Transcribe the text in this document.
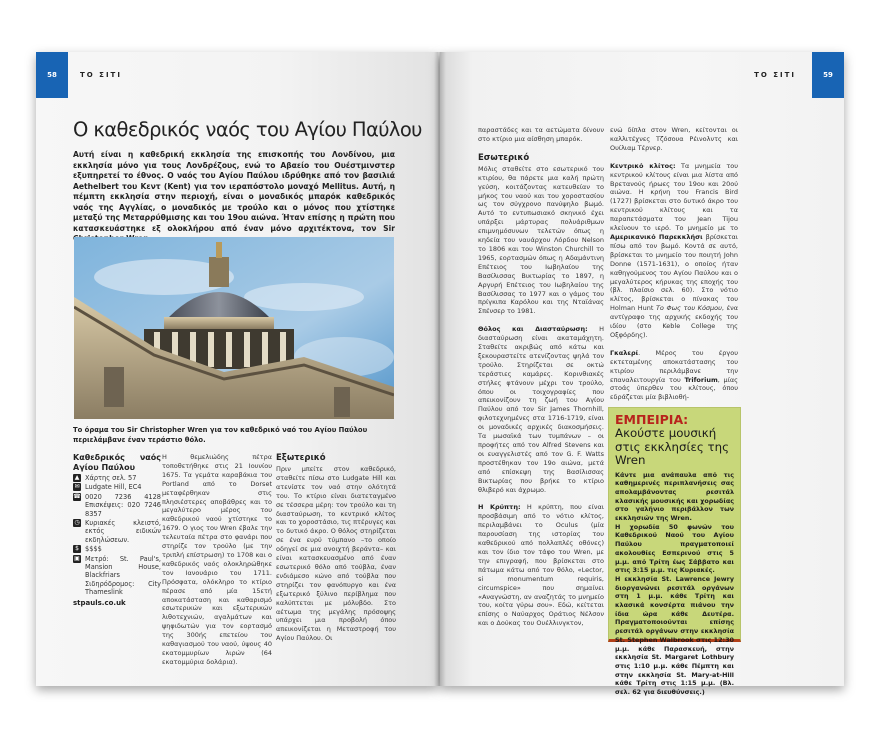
58	ΤΟ ΣΙΤΙ
Ο καθεδρικός ναός του Αγίου Παύλου
Αυτή είναι η καθεδρική εκκλησία της επισκοπής του Λονδίνου, μια εκκλησία μόνο για τους Λονδρέζους, ενώ το Αβαείο του Ουέστμινστερ εξυπηρετεί το έθνος. Ο ναός του Αγίου Παύλου ιδρύθηκε από τον βασιλιά Aethelbert του Κεντ (Kent) για τον ιεραπόστολο μοναχό Mellitus. Αυτή, η πέμπτη εκκλησία στην περιοχή, είναι ο μοναδικός μπαρόκ καθεδρικός ναός της Αγγλίας, ο μοναδικός με τρούλο και ο μόνος που χτίστηκε μεταξύ της Μεταρρύθμισης και του 19ου αιώνα. Ήταν επίσης η πρώτη που κατασκευάστηκε εξ ολοκλήρου από έναν μόνο αρχιτέκτονα, τον Sir
Το όραμα του Sir Christopher Wren για τον καθεδρικό ναό του Αγίου Παύλου περιελάμβανε έναν τεράστιο θόλο.
Καθεδρικός ναός Αγίου Παύλου
▲ Χάρτης σελ. 57
✉ Ludgate Hill, EC4
☎ 0020 7236 4128 Επισκέψεις: 020 7246 8357
◷ Κυριακές κλειστό, εκτός ειδικών εκδηλώσεων.
$ $$$$
▣ Μετρό: St. Paul's, Mansion House, Blackfriars Σιδηρόδρομος: City Thameslink
stpauls.co.uk
Η θεμελιώδης πέτρα τοποθετήθηκε στις 21 Ιουνίου 1675. Τα γεμάτα καραβάκια του Portland από το Dorset μεταφέρθηκαν στις πλησιέστερες αποβάθρες και το μεγαλύτερο μέρος του καθεδρικού ναού χτίστηκε το 1679. Ο γιος του Wren έβαλε την τελευταία πέτρα στο φανάρι που στηρίζε τον τρούλο (με την τριπλή επίστρωση) το 1708 και ο καθεδρικός ναός ολοκληρώθηκε τον Ιανουάριο του 1711. Πρόσφατα, ολόκληρο το κτίριο πέρασε από μία 15ετή αποκατάσταση και καθαρισμό εσωτερικών και εξωτερικών λιθοτεχνιών, αγαλμάτων και ψηφιδωτών για τον εορτασμό της 300ής επετείου του καθαγιασμού του ναού, ύψους 40 εκατομμυρίων λιρών (64 εκατομμύρια δολάρια).
Εξωτερικό
Πριν μπείτε στον καθεδρικό, σταθείτε πίσω στο Ludgate Hill και ατενίστε τον ναό στην ολότητά του. Το κτίριο είναι διατεταγμένο σε τέσσερα μέρη: τον τρούλο και τη διασταύρωση, το κεντρικό κλίτος και το χοροστάσιο, τις πτέρυγες και το δυτικό άκρο. Ο θόλος στηρίζεται σε ένα ευρύ τύμπανο –το οποίο οδηγεί σε μια ανοιχτή βεράντα– και είναι κατασκευασμένο από έναν εσωτερικό θόλο από τούβλα, έναν ενδιάμεσο κώνο από τούβλα που στηρίζει τον φανόπυργο και ένα εξωτερικό ξύλινο περίβλημα που καλύπτεται με μόλυβδο. Στο αέτωμα της μεγάλης πρόσοψης υπάρχει μια προβολή όπου απεικονίζεται η Μεταστροφή του Αγίου Παύλου. Οι
ΤΟ ΣΙΤΙ	59

παραστάδες και τα αετώματα δίνουν στο κτίριο μια αίσθηση μπαρόκ.

Εσωτερικό

Μόλις σταθείτε στο εσωτερικό του κτιρίου, θα πάρετε μια καλή πρώτη γεύση, κοιτάζοντας κατευθείαν το μήκος του ναού και του χοροστασίου ως τον σύγχρονο πανύψηλο βωμό. Αυτό το εντυπωσιακό σκηνικό έχει υπάρξει μάρτυρας πολυάριθμων επιμνημόσυνων τελετών όπως η κηδεία του ναυάρχου Λόρδου Nelson το 1806 και του Winston Churchill το 1965, εορτασμών όπως η Αδαμάντινη Επέτειος του Ιωβηλαίου της Βασίλισσας Βικτωρίας το 1897, η Αργυρή Επέτειος του Ιωβηλαίου της Βασίλισσας το 1977 και ο γάμος του πρίγκιπα Καρόλου και της Νταϊάνας Σπένσερ το 1981.

Θόλος και Διασταύρωση: Η διασταύρωση είναι ακαταμάχητη. Σταθείτε ακριβώς από κάτω και ξεκουραστείτε ατενίζοντας ψηλά τον τρούλο. Στηρίζεται σε οκτώ τεράστιες καμάρες. Κορινθιακές στήλες φτάνουν μέχρι τον τρούλο, όπου οι τοιχογραφίες που απεικονίζουν τη ζωή του Αγίου Παύλου από τον Sir James Thornhill, φιλοτεχνημένες στα 1716-1719, είναι οι μοναδικές αρχικές διακοσμήσεις. Τα μωσαϊκά των τυμπάνων – οι προφήτες από τον Alfred Stevens και οι ευαγγελιστές από τον G. F. Watts προστέθηκαν τον 19ο αιώνα, μετά από επίσκεψη της Βασίλισσας Βικτωρίας που βρήκε το κτίριο θλιβερό και άχρωμο.

Η Κρύπτη: Η κρύπτη, που είναι προσβάσιμη από το νότιο κλίτος, περιλαμβάνει το Oculus (μία παρουσίαση της ιστορίας του καθεδρικού από πολλαπλές οθόνες) και τον ίδιο τον τάφο του Wren, με την επιγραφή, που βρίσκεται στο πάτωμα κάτω από τον θόλο, «Lector, si monumentum requiris, circumspice» που σημαίνει «Αναγνώστη, αν αναζητάς το μνημείο του, κοίτα γύρω σου». Εδώ, κείτεται επίσης ο Ναύαρχος Οράτιος Νέλσον και ο Δούκας του Ουέλλινγκτον,

ενώ δίπλα στον Wren, κείτονται οι καλλιτέχνες Τζόσουα Ρέινολντς και Ουίλιαμ Τέρνερ.

Κεντρικό κλίτος: Τα μνημεία του κεντρικού κλίτους είναι μια λίστα από Βρετανούς ήρωες του 19ου και 20ού αιώνα. Η κρήνη του Francis Bird (1727) βρίσκεται στο δυτικό άκρο του κεντρικού κλίτους και τα παραπετάσματα του Jean Tijou κλείνουν το ιερό. Το μνημείο με το Αμερικανικό Παρεκκλήσι βρίσκεται πίσω από τον βωμό. Κοντά σε αυτό, βρίσκεται το μνημείο του ποιητή John Donne (1571-1631), ο οποίος ήταν καθηγούμενος του Αγίου Παύλου και ο μεγαλύτερος κήρυκας της εποχής του (βλ. πλαίσιο σελ. 60). Στο νότιο κλίτος, βρίσκεται ο πίνακας του Holman Hunt Το Φως του Κόσμου, ένα αντίγραφο της αρχικής εκδοχής του ιδίου (στο Keble College της Οξφόρδης).

Γκαλερί. Μέρος του έργου εκτεταμένης αποκατάστασης του κτιρίου περιλάμβανε την επαναλειτουργία του Triforium, μίας στοάς ύπερθεν του κλίτους, όπου εδράζεται μία βιβλιοθή-

ΕΜΠΕΙΡΙΑ:
Ακούστε μουσική στις εκκλησίες της Wren

Κάντε μια ανάπαυλα από τις καθημερινές περιπλανήσεις σας απολαμβάνοντας ρεσιτάλ κλασικής μουσικής και χορωδίας στο γαλήνιο περιβάλλον των εκκλησιών της Wren.

Η χορωδία 50 φωνών του Καθεδρικού Ναού του Αγίου Παύλου πραγματοποιεί ακολουθίες Εσπερινού στις 5 μ.μ. από Τρίτη έως Σάββατο και στις 3:15 μ.μ. τις Κυριακές.

Η εκκλησία St. Lawrence Jewry διοργανώνει ρεσιτάλ οργάνων στη 1 μ.μ. κάθε Τρίτη και κλασικά κονσέρτα πιάνου την ίδια ώρα κάθε Δευτέρα. Πραγματοποιούνται επίσης ρεσιτάλ οργάνων στην εκκλησία St. Stephen Walbrook στις 12:30 μ.μ. κάθε Παρασκευή, στην εκκλησία St. Margaret Lothbury στις 1:10 μ.μ. κάθε Πέμπτη και στην εκκλησία St. Mary-at-Hill κάθε Τρίτη στις 1:15 μ.μ. (Βλ. σελ. 62 για διευθύνσεις.)
